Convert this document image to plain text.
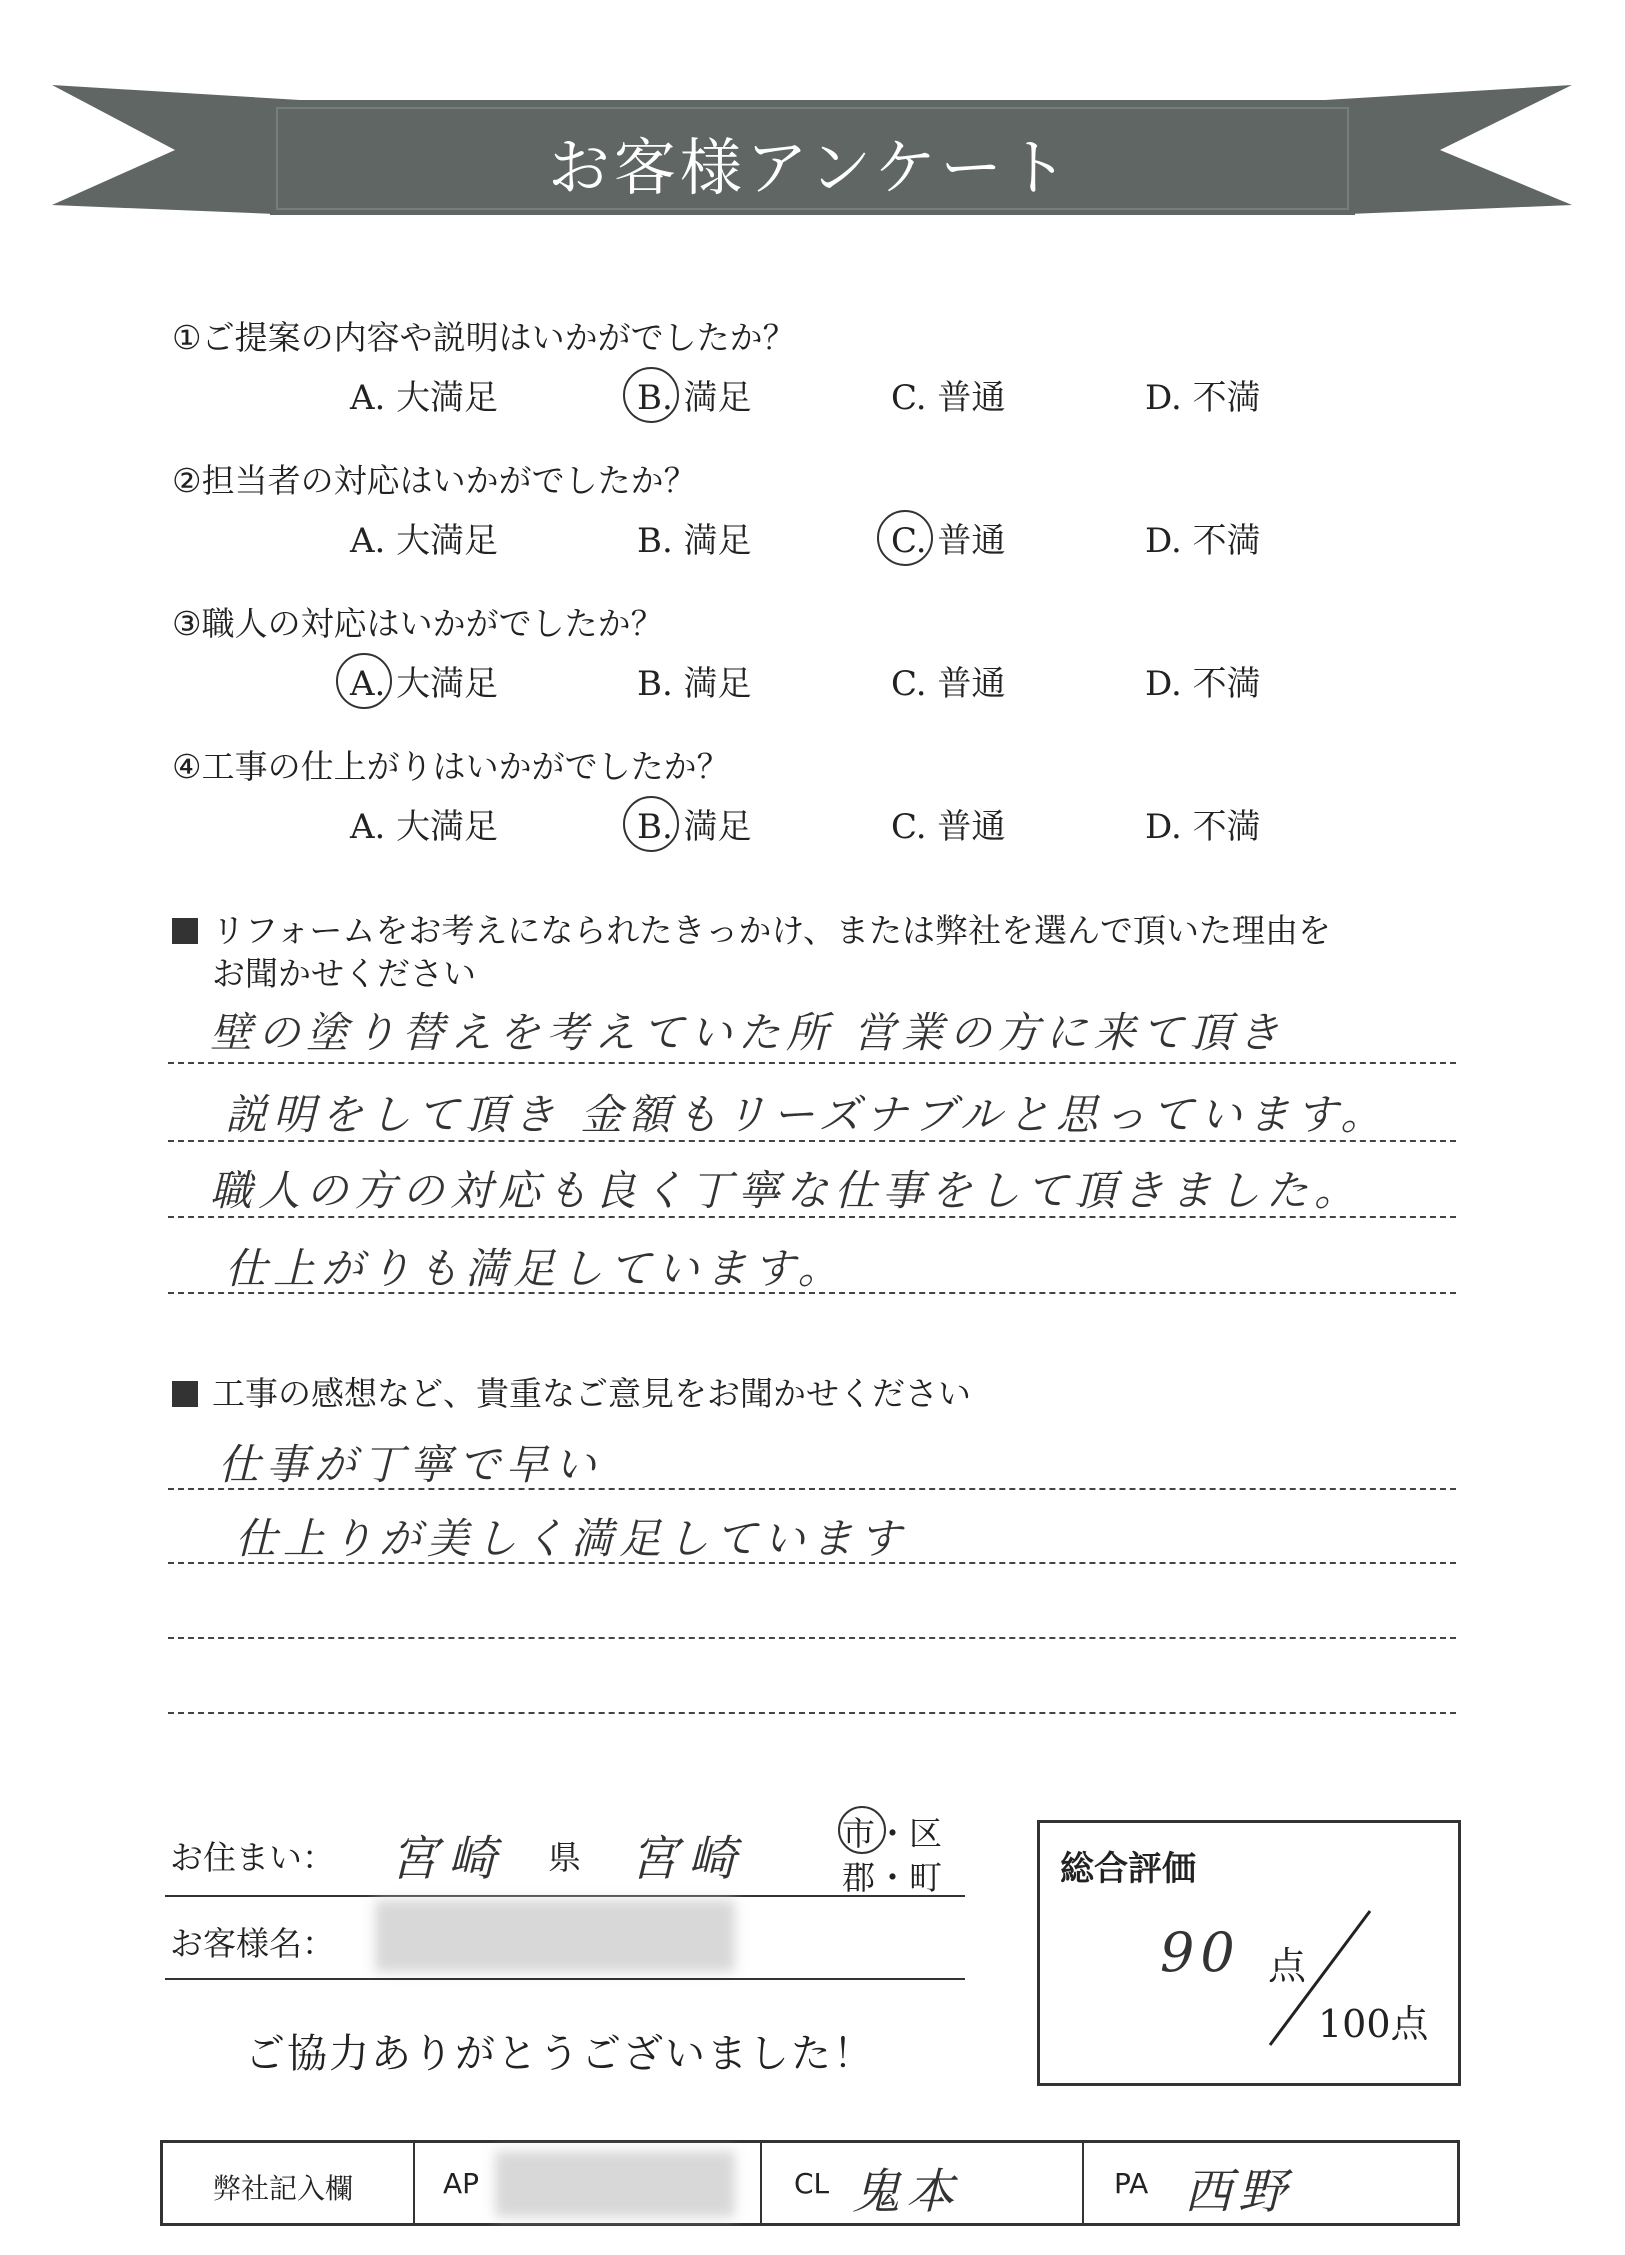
お客様アンケート
①ご提案の内容や説明はいかがでしたか？
A. 大満足	B. 満足	C. 普通	D. 不満
②担当者の対応はいかがでしたか？
A. 大満足	B. 満足	C. 普通	D. 不満
③職人の対応はいかがでしたか？
A. 大満足	B. 満足	C. 普通	D. 不満
④工事の仕上がりはいかがでしたか？
A. 大満足	B. 満足	C. 普通	D. 不満
リフォームをお考えになられたきっかけ、または弊社を選んで頂いた理由を
お聞かせください
壁の塗り替えを考えていた所 営業の方に来て頂き
説明をして頂き 金額もリーズナブルと思っています。
職人の方の対応も良く丁寧な仕事をして頂きました。
仕上がりも満足しています。
工事の感想など、貴重なご意見をお聞かせください
仕事が丁寧で早い
仕上りが美しく満足しています
お住まい： 宮崎 県 宮崎	市 ・区
郡 ・町
お客様名：
ご協力ありがとうございました！
総合評価
90 点
100点
弊社記入欄	AP	CL 鬼本	PA 西野
